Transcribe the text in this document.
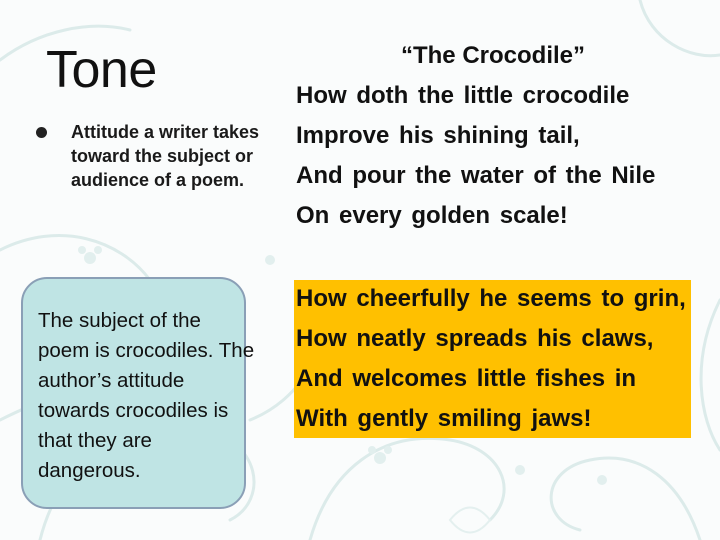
Tone
Attitude a writer takes toward the subject or audience of a poem.
The subject of the poem is crocodiles. The author’s attitude towards crocodiles is that they are dangerous.
“The Crocodile”
How doth the little crocodile
Improve his shining tail,
And pour the water of the Nile
On every golden scale!
How cheerfully he seems to grin,
How neatly spreads his claws,
And welcomes little fishes in
With gently smiling jaws!
